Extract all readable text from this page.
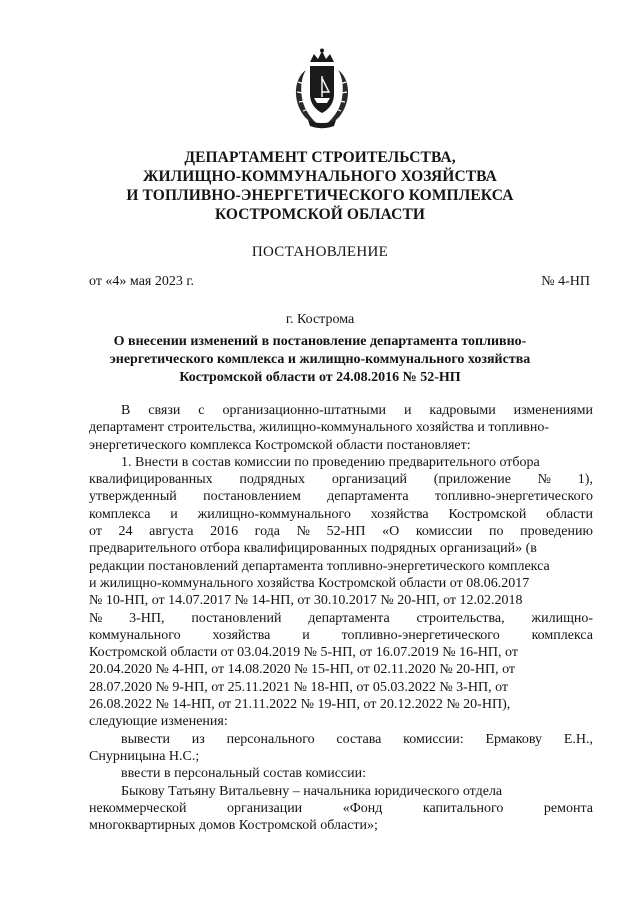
ДЕПАРТАМЕНТ СТРОИТЕЛЬСТВА,
ЖИЛИЩНО-КОММУНАЛЬНОГО ХОЗЯЙСТВА
И ТОПЛИВНО-ЭНЕРГЕТИЧЕСКОГО КОМПЛЕКСА
КОСТРОМСКОЙ ОБЛАСТИ
ПОСТАНОВЛЕНИЕ
от «4» мая 2023 г.	№ 4-НП
г. Кострома
О внесении изменений в постановление департамента топливно-
энергетического комплекса и жилищно-коммунального хозяйства
Костромской области от 24.08.2016 № 52-НП
В связи с организационно-штатными и кадровыми изменениями
департамент строительства, жилищно-коммунального хозяйства и топливно-
энергетического комплекса Костромской области постановляет:
1. Внести в состав комиссии по проведению предварительного отбора
квалифицированных подрядных организаций (приложение № 1),
утвержденный постановлением департамента топливно-энергетического
комплекса и жилищно-коммунального хозяйства Костромской области
от 24 августа 2016 года № 52-НП «О комиссии по проведению
предварительного отбора квалифицированных подрядных организаций» (в
редакции постановлений департамента топливно-энергетического комплекса
и жилищно-коммунального хозяйства Костромской области от 08.06.2017
№ 10-НП, от 14.07.2017 № 14-НП, от 30.10.2017 № 20-НП, от 12.02.2018
№ 3-НП, постановлений департамента строительства, жилищно-
коммунального хозяйства и топливно-энергетического комплекса
Костромской области от 03.04.2019 № 5-НП, от 16.07.2019 № 16-НП, от
20.04.2020 № 4-НП, от 14.08.2020 № 15-НП, от 02.11.2020 № 20-НП, от
28.07.2020 № 9-НП, от 25.11.2021 № 18-НП, от 05.03.2022 № 3-НП, от
26.08.2022 № 14-НП, от 21.11.2022 № 19-НП, от 20.12.2022 № 20-НП),
следующие изменения:
вывести из персонального состава комиссии: Ермакову Е.Н.,
Снурницына Н.С.;
ввести в персональный состав комиссии:
Быкову Татьяну Витальевну – начальника юридического отдела
некоммерческой	организации	«Фонд	капитального	ремонта
многоквартирных домов Костромской области»;
